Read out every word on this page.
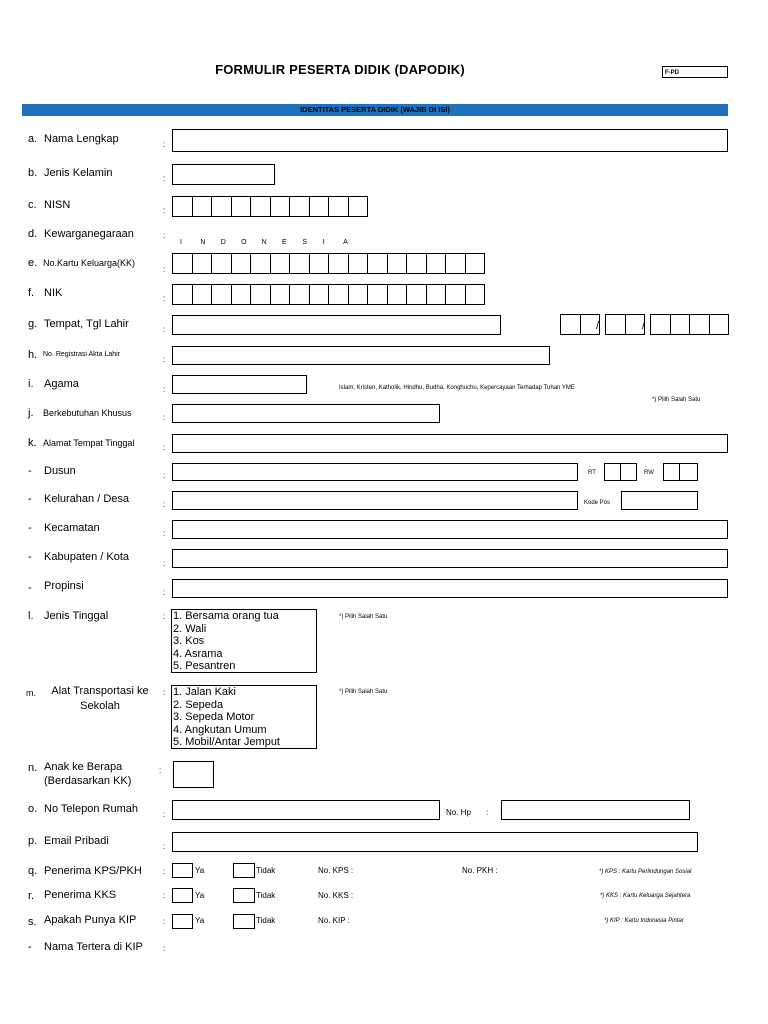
FORMULIR PESERTA DIDIK (DAPODIK)	F-PD
IDENTITAS PESERTA DIDIK (WAJIB DI ISI)
a. Nama Lengkap	:
b. Jenis Kelamin	:
c. NISN	:
d. Kewarganegaraan	:
I	N D O N E S I	A
e. No.Kartu Keluarga(KK)
:
f. NIK	:
g. Tempat, Tgl Lahir	:	/	/
h. No. Registrasi Akta Lahir
:
i. Agama	:	Islam, Kristen, Katholik, Hindhu, Budha, Konghuchu, Kepercayaan Terhadap Tuhan YME
*) Pilih Salah Satu
j. Berkebutuhan Khusus	:
k. Alamat Tempat Tinggal	:
- Dusun	:	RT	RW
- Kelurahan / Desa	:	Kode Pos
- Kecamatan	:
- Kabupaten / Kota
:
- Propinsi
:
l. Jenis Tinggal	: 1. Bersama orang tua
2. Wali
3. Kos
4. Asrama
5. Pesantren
*) Pilih Salah Satu
m.	Alat Transportasi ke
Sekolah
: 1. Jalan Kaki
2. Sepeda
3. Sepeda Motor
4. Angkutan Umum
5. Mobil/Antar Jemput
*) Pilih Salah Satu
n. Anak ke Berapa
(Berdasarkan KK)
:
o. No Telepon Rumah	:	No. Hp :
p. Email Pribadi	:
q. Penerima KPS/PKH	:	Ya	Tidak	No. KPS :	No. PKH :	*) KPS : Kartu Perlindungan Sosial
r. Penerima KKS	:	Ya	Tidak	No. KKS :	*) KKS : Kartu Keluarga Sejahtera
s. Apakah Punya KIP	:	Ya	Tidak	No. KIP :	*) KIP : Kartu Indonesia Pintar
- Nama Tertera di KIP	:
